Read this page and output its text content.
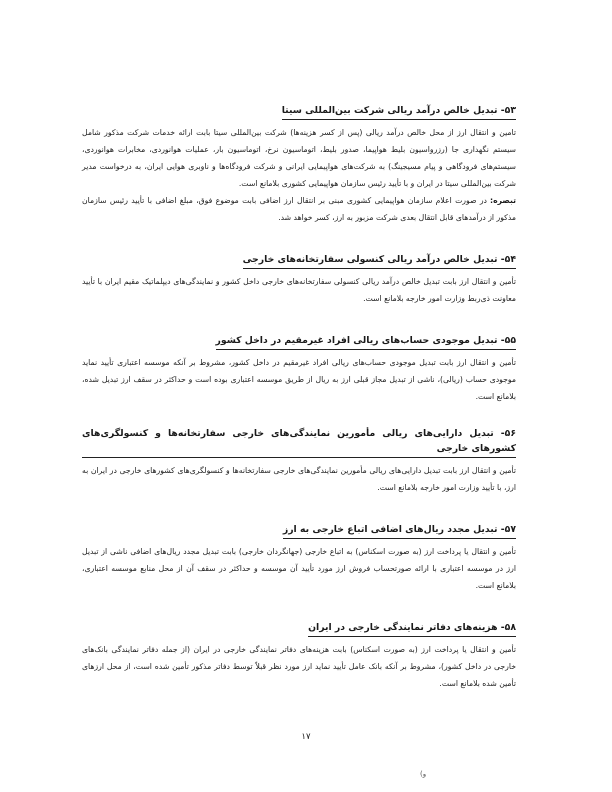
۵۳- تبدیل خالص درآمد ریالی شرکت بین‌المللی سیتا

تامین و انتقال ارز از محل خالص درآمد ریالی (پس از کسر هزینه‌ها) شرکت بین‌المللی سیتا بابت ارائه خدمات شرکت مذکور شامل سیستم نگهداری جا (رزرواسیون بلیط هواپیما، صدور بلیط، اتوماسیون نرخ، اتوماسیون بار، عملیات هوانوردی، مخابرات هوانوردی، سیستم‌های فرودگاهی و پیام مسیجینگ) به شرکت‌های هواپیمایی ایرانی و شرکت فرودگاه‌ها و ناوبری هوایی ایران، به درخواست مدیر شرکت بین‌المللی سیتا در ایران و با تأیید رئیس سازمان هواپیمایی کشوری بلامانع است.

تبصره:در صورت اعلام سازمان هواپیمایی کشوری مبنی بر انتقال ارز اضافی بابت موضوع فوق، مبلغ اضافی با تأیید رئیس سازمان مذکور از درآمدهای قابل انتقال بعدی شرکت مزبور به ارز، کسر خواهد شد.

۵۴- تبدیل خالص درآمد ریالی کنسولی سفارتخانه‌های خارجی

تأمین و انتقال ارز بابت تبدیل خالص درآمد ریالی کنسولی سفارتخانه‌های خارجی داخل کشور و نمایندگی‌های دیپلماتیک مقیم ایران با تأیید معاونت ذی‌ربط وزارت امور خارجه بلامانع است.

۵۵- تبدیل موجودی حساب‌های ریالی افراد غیرمقیم در داخل کشور

تأمین و انتقال ارز بابت تبدیل موجودی حساب‌های ریالی افراد غیرمقیم در داخل کشور، مشروط بر آنکه موسسه اعتباری تأیید نماید موجودی حساب (ریالی)، ناشی از تبدیل مجاز قبلی ارز به ریال از طریق موسسه اعتباری بوده است و حداکثر در سقف ارز تبدیل شده، بلامانع است.

۵۶- تبدیل دارایی‌های ریالی مأمورین نمایندگی‌های خارجی سفارتخانه‌ها و کنسولگری‌های کشورهای خارجی

تأمین و انتقال ارز بابت تبدیل دارایی‌های ریالی مأمورین نمایندگی‌های خارجی سفارتخانه‌ها و کنسولگری‌های کشورهای خارجی در ایران به ارز، با تأیید وزارت امور خارجه بلامانع است.

۵۷- تبدیل مجدد ریال‌های اضافی اتباع خارجی به ارز

تأمین و انتقال یا پرداخت ارز (به صورت اسکناس) به اتباع خارجی (جهانگردان خارجی) بابت تبدیل مجدد ریال‌های اضافی ناشی از تبدیل ارز در موسسه اعتباری با ارائه صورتحساب فروش ارز مورد تأیید آن موسسه و حداکثر در سقف آن از محل منابع موسسه اعتباری، بلامانع است.

۵۸- هزینه‌های دفاتر نمایندگی خارجی در ایران

تأمین و انتقال یا پرداخت ارز (به صورت اسکناس) بابت هزینه‌های دفاتر نمایندگی خارجی در ایران (از جمله دفاتر نمایندگی بانک‌های خارجی در داخل کشور)، مشروط بر آنکه بانک عامل تأیید نماید ارز مورد نظر قبلاً توسط دفاتر مذکور تأمین شده است، از محل ارزهای تأمین شده بلامانع است.

۱۷
(و
